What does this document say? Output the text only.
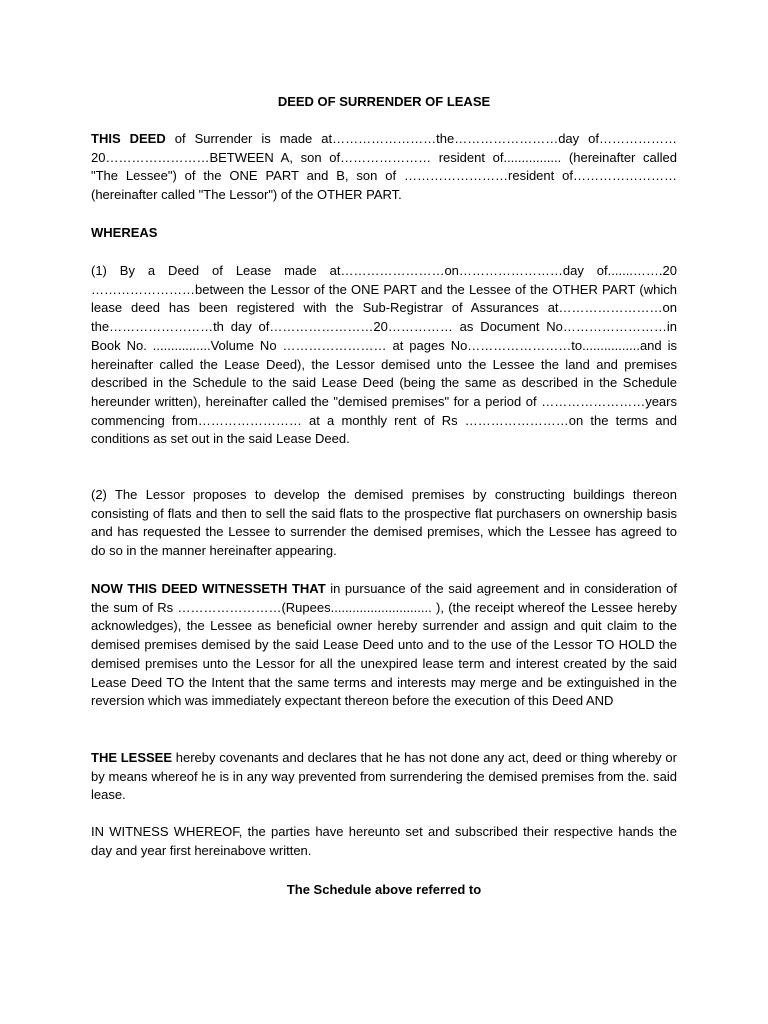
DEED OF SURRENDER OF LEASE

THIS DEED of Surrender is made at……………………the……………………day of……………… 20……………………BETWEEN A, son of………………… resident of................ (hereinafter called "The Lessee") of the ONE PART and B, son of ……………………resident of……………………(hereinafter called "The Lessor") of the OTHER PART.

WHEREAS

(1) By a Deed of Lease made at……………………on……………………day of.......…….20 ……………………between the Lessor of the ONE PART and the Lessee of the OTHER PART (which lease deed has been registered with the Sub-Registrar of Assurances at……………………on the……………………th day of……………………20…………… as Document No……………………in Book No. ................Volume No …………………… at pages No……………………to................and is hereinafter called the Lease Deed), the Lessor demised unto the Lessee the land and premises described in the Schedule to the said Lease Deed (being the same as described in the Schedule hereunder written), hereinafter called the "demised premises" for a period of ……………………years commencing from…………………… at a monthly rent of Rs ……………………on the terms and conditions as set out in the said Lease Deed.

(2) The Lessor proposes to develop the demised premises by constructing buildings thereon consisting of flats and then to sell the said flats to the prospective flat purchasers on ownership basis and has requested the Lessee to surrender the demised premises, which the Lessee has agreed to do so in the manner hereinafter appearing.

NOW THIS DEED WITNESSETH THAT in pursuance of the said agreement and in consideration of the sum of Rs ……………………(Rupees............................ ), (the receipt whereof the Lessee hereby acknowledges), the Lessee as beneficial owner hereby surrender and assign and quit claim to the demised premises demised by the said Lease Deed unto and to the use of the Lessor TO HOLD the demised premises unto the Lessor for all the unexpired lease term and interest created by the said Lease Deed TO the Intent that the same terms and interests may merge and be extinguished in the reversion which was immediately expectant thereon before the execution of this Deed AND

THE LESSEE hereby covenants and declares that he has not done any act, deed or thing whereby or by means whereof he is in any way prevented from surrendering the demised premises from the. said lease.

IN WITNESS WHEREOF, the parties have hereunto set and subscribed their respective hands the day and year first hereinabove written.

The Schedule above referred to
